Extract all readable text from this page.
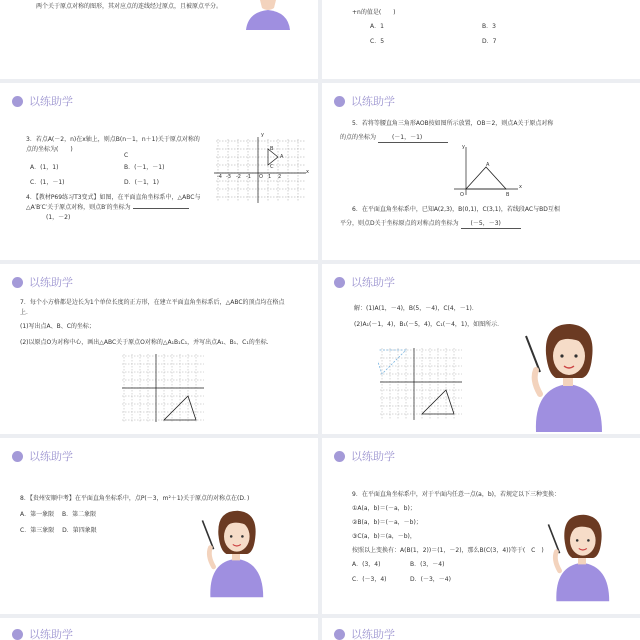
两个关于原点对称的图形，其对应点的连线经过原点，且被原点平分。
+n的值是(　　)
A．1	B．3
C．5	D．7
以练助学
3．若点A(－2，n)在x轴上，则点B(n－1，n＋1)关于原点对称的
点的坐标为(　　)
C
A．(1，1)	B．(－1，－1)
C．(1，－1)	D．(－1，1)
4．【教材P69练习T3变式】如图，在平面直角坐标系中，△ABC与
△A′B′C′关于原点对称，则点B′的坐标为
(1，－2)
-4 -3 -2 -1 O 1 2
x
y
A
B
C
以练助学
5．若将等腰直角三角形AOB按如图所示放置，OB＝2，则点A关于原点对称
的点的坐标为	(－1，－1)
y
A
O	B
x
6．在平面直角坐标系中，已知A(2,3)，B(0,1)，C(3,1)，若线段AC与BD互相
平分，则点D关于坐标原点的对称点的坐标为 (－5，－3)
以练助学
7．每个小方格都是边长为1个单位长度的正方形，在建立平面直角坐标系后，△ABC的顶点均在格点
上．
(1)写出点A、B、C的坐标；
(2)以原点O为对称中心，画出△ABC关于原点O对称的△A₁B₁C₁，并写出点A₁、B₁、C₁的坐标.
以练助学
解：(1)A(1，－4)，B(5，－4)，C(4，－1)．
(2)A₁(－1，4)，B₁(－5，4)，C₁(－4，1)，如图所示．
以练助学
8．【贵州安顺中考】在平面直角坐标系中，点P(－3，m²＋1)关于原点的对称点在(D．)
A．第一象限 B．第二象限
C．第三象限 D．第四象限
以练助学
9．在平面直角坐标系中，对于平面内任意一点(a，b)，若规定以下三种变换：
①A(a，b)＝(－a，b)；
②B(a，b)＝(－a，－b)；
③C(a，b)＝(a，－b)，
按照以上变换有：A(B(1，2))＝(1，－2)，那么B(C(3，4))等于(　C　)
A．(3，4)	B．(3，－4)
C．(－3，4)	D．(－3，－4)
以练助学	以练助学
